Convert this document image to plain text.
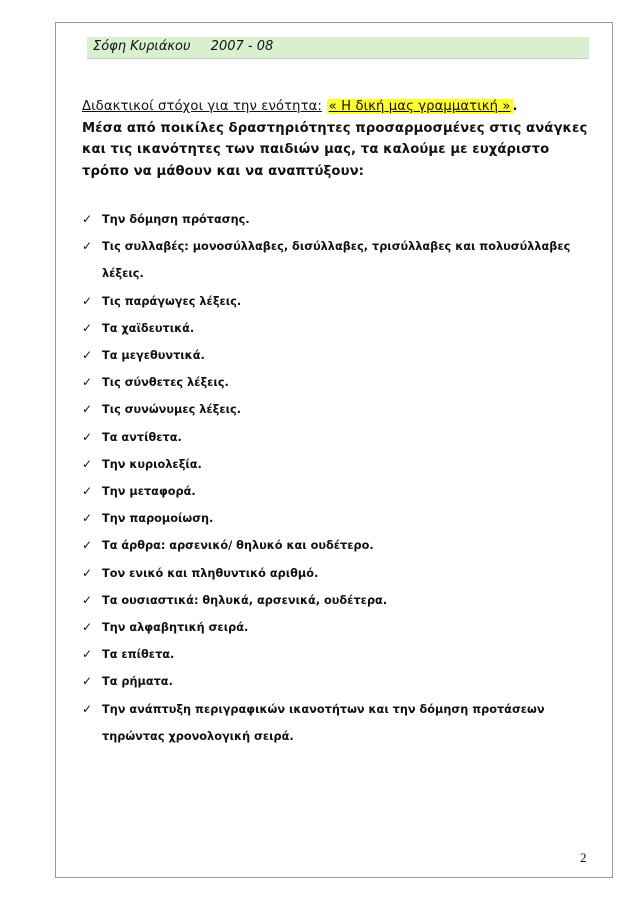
Σόφη Κυριάκου 2007 - 08
Διδακτικοί στόχοι για την ενότητα: « Η δική μας γραμματική » .
Μέσα από ποικίλες δραστηριότητες προσαρμοσμένες στις ανάγκες και τις ικανότητες των παιδιών μας, τα καλούμε με ευχάριστο τρόπο να μάθουν και να αναπτύξουν:
✓ Την δόμηση πρότασης.
✓ Τις συλλαβές: μονοσύλλαβες, δισύλλαβες, τρισύλλαβες και πολυσύλλαβες λέξεις.
✓ Τις παράγωγες λέξεις.
✓ Τα χαϊδευτικά.
✓ Τα μεγεθυντικά.
✓ Τις σύνθετες λέξεις.
✓ Τις συνώνυμες λέξεις.
✓ Τα αντίθετα.
✓ Την κυριολεξία.
✓ Την μεταφορά.
✓ Την παρομοίωση.
✓ Τα άρθρα: αρσενικό/ θηλυκό και ουδέτερο.
✓ Τον ενικό και πληθυντικό αριθμό.
✓ Τα ουσιαστικά: θηλυκά, αρσενικά, ουδέτερα.
✓ Την αλφαβητική σειρά.
✓ Τα επίθετα.
✓ Τα ρήματα.
✓ Την ανάπτυξη περιγραφικών ικανοτήτων και την δόμηση προτάσεων τηρώντας χρονολογική σειρά.
2
